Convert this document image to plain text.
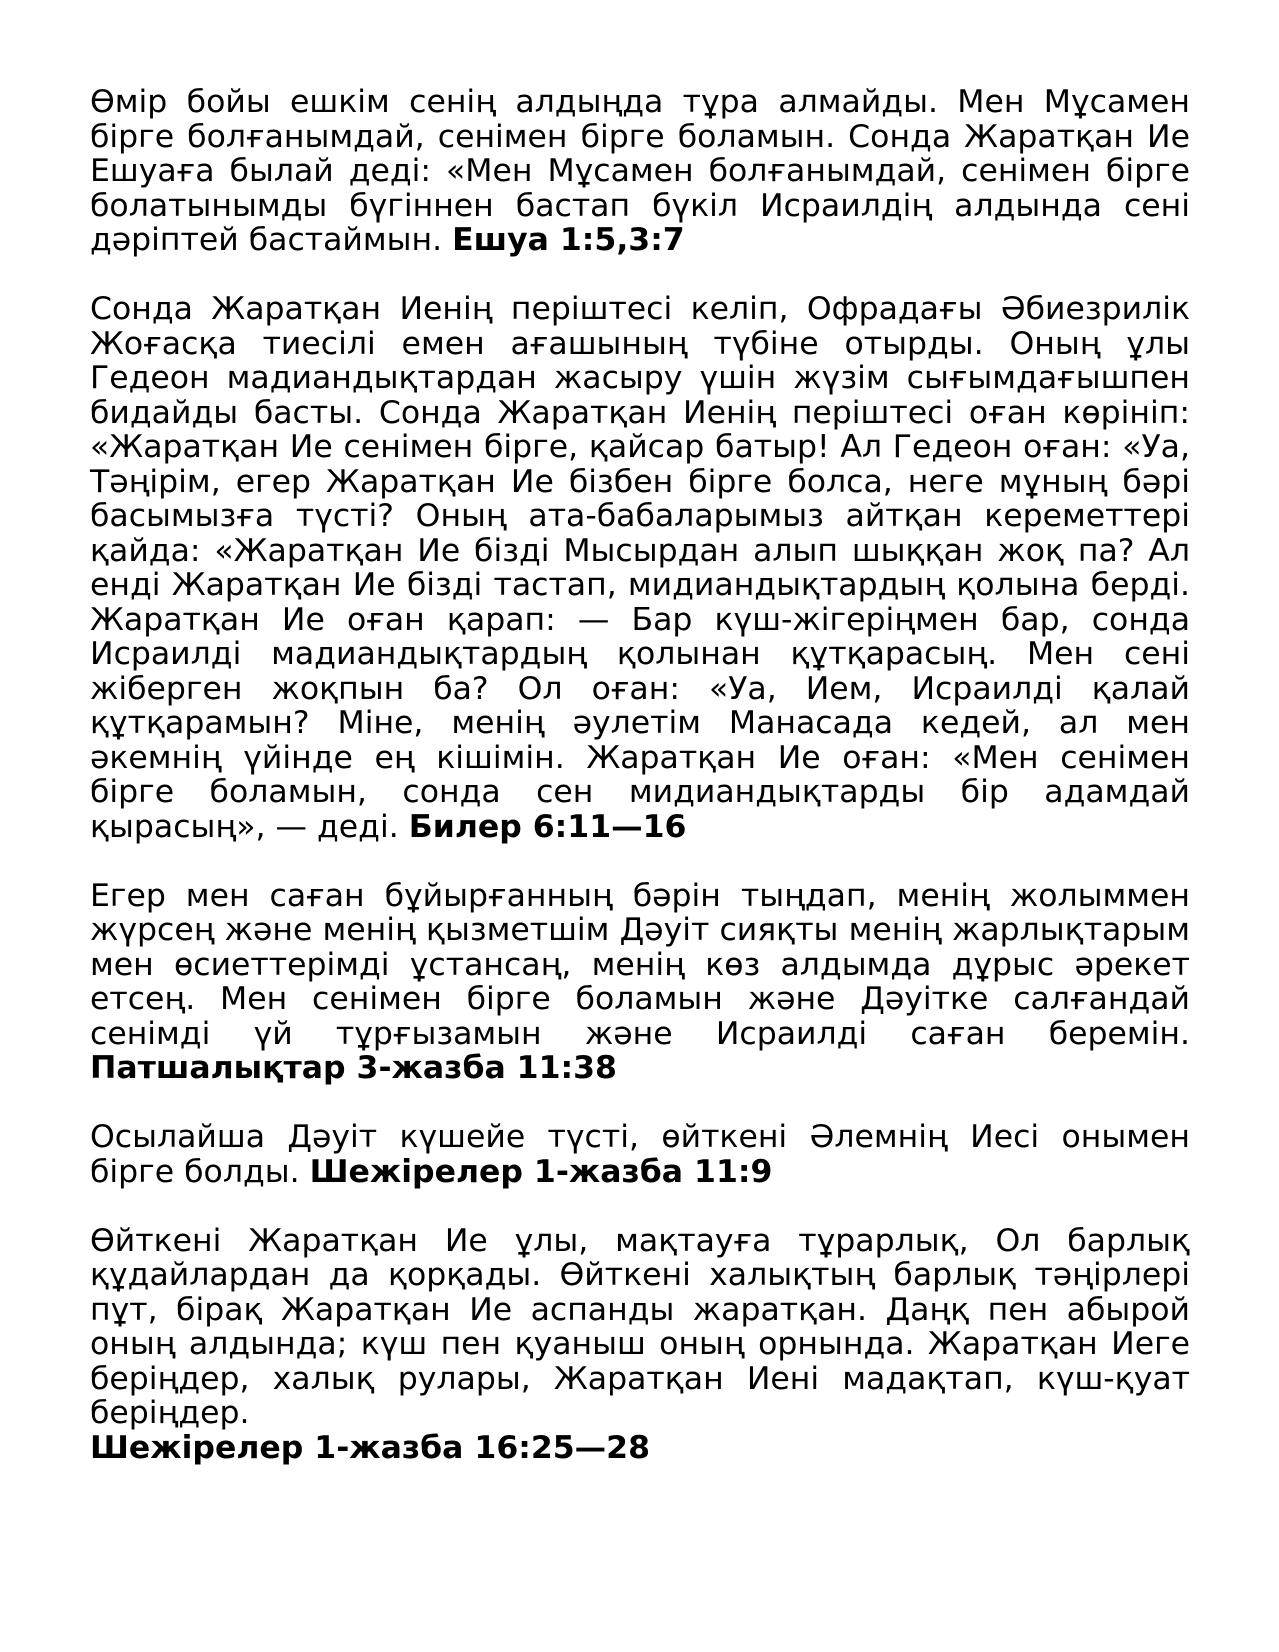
Өмір бойы ешкім сенің алдыңда тұра алмайды. Мен Мұсамен бірге болғанымдай, сенімен бірге боламын. Сонда Жаратқан Ие Ешуаға былай деді: «Мен Мұсамен болғанымдай, сенімен бірге болатынымды бүгіннен бастап бүкіл Исраилдің алдында сені дәріптей бастаймын. Ешуа 1:5,3:7

Сонда Жаратқан Иенің періштесі келіп, Офрадағы Әбиезрилік Жоғасқа тиесілі емен ағашының түбіне отырды. Оның ұлы Гедеон мадиандықтардан жасыру үшін жүзім сығымдағышпен бидайды басты. Сонда Жаратқан Иенің періштесі оған көрініп: «Жаратқан Ие сенімен бірге, қайсар батыр! Ал Гедеон оған: «Уа, Тәңірім, егер Жаратқан Ие бізбен бірге болса, неге мұның бәрі басымызға түсті? Оның ата-бабаларымыз айтқан кереметтері қайда: «Жаратқан Ие бізді Мысырдан алып шыққан жоқ па? Ал енді Жаратқан Ие бізді тастап, мидиандықтардың қолына берді. Жаратқан Ие оған қарап: — Бар күш-жігеріңмен бар, сонда Исраилді мадиандықтардың қолынан құтқарасың. Мен сені жіберген жоқпын ба? Ол оған: «Уа, Ием, Исраилді қалай құтқарамын? Міне, менің әулетім Манасада кедей, ал мен әкемнің үйінде ең кішімін. Жаратқан Ие оған: «Мен сенімен бірге боламын, сонда сен мидиандықтарды бір адамдай қырасың», — деді. Билер 6:11—16

Егер мен саған бұйырғанның бәрін тыңдап, менің жолыммен жүрсең және менің қызметшім Дәуіт сияқты менің жарлықтарым мен өсиеттерімді ұстансаң, менің көз алдымда дұрыс әрекет етсең. Мен сенімен бірге боламын және Дәуітке салғандай сенімді үй тұрғызамын және Исраилді саған беремін. Патшалықтар 3-жазба 11:38

Осылайша Дәуіт күшейе түсті, өйткені Әлемнің Иесі онымен бірге болды. Шежірелер 1-жазба 11:9

Өйткені Жаратқан Ие ұлы, мақтауға тұрарлық, Ол барлық құдайлардан да қорқады. Өйткені халықтың барлық тәңірлері пұт, бірақ Жаратқан Ие аспанды жаратқан. Даңқ пен абырой оның алдында; күш пен қуаныш оның орнында. Жаратқан Иеге беріңдер, халық рулары, Жаратқан Иені мадақтап, күш-қуат беріңдер.
Шежірелер 1-жазба 16:25—28
